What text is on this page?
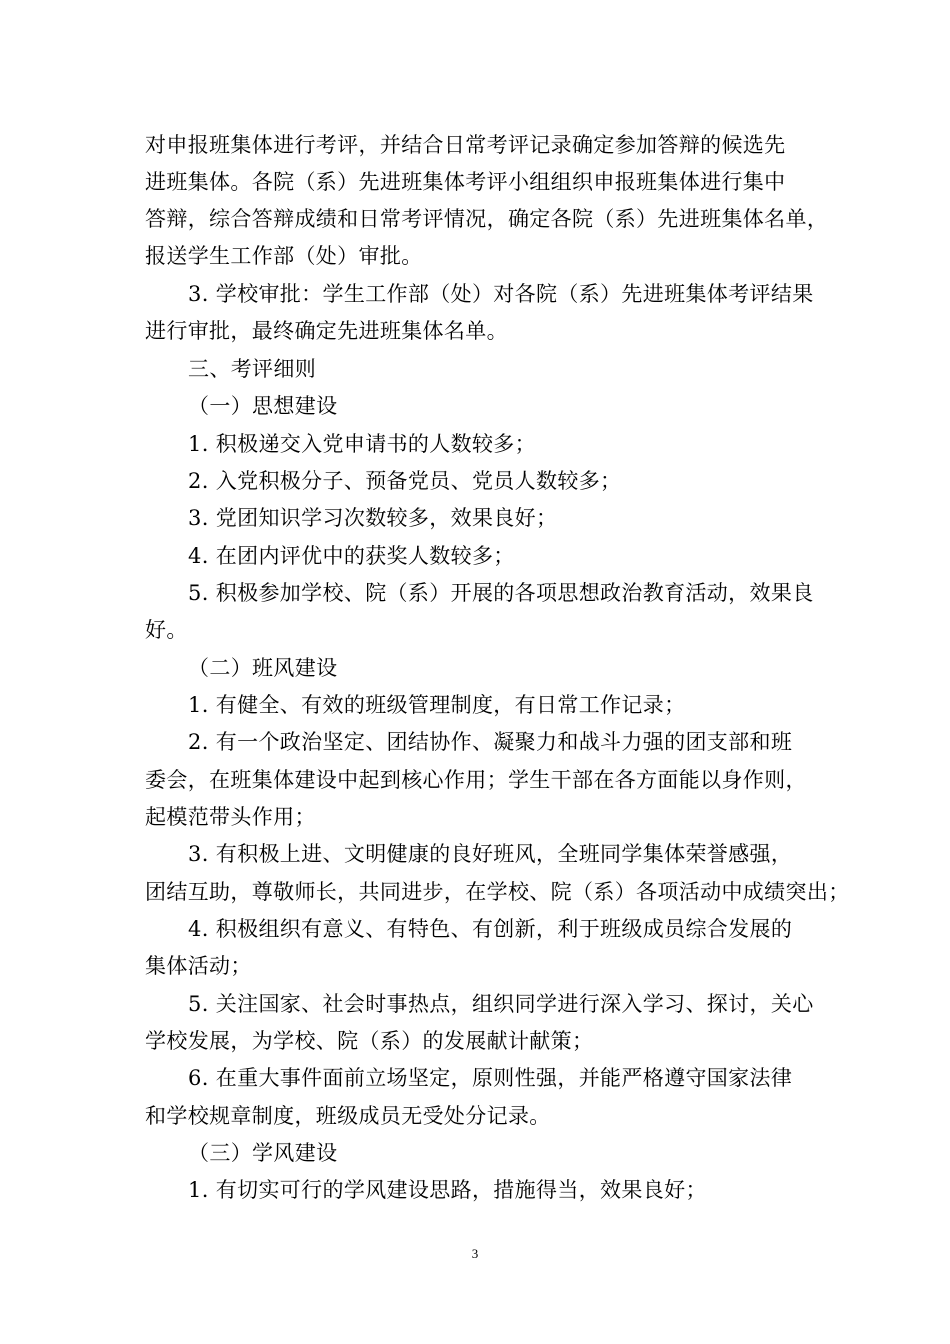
对申报班集体进行考评，并结合日常考评记录确定参加答辩的候选先
进班集体。各院（系）先进班集体考评小组组织申报班集体进行集中
答辩，综合答辩成绩和日常考评情况，确定各院（系）先进班集体名单，
报送学生工作部（处）审批。
3. 学校审批：学生工作部（处）对各院（系）先进班集体考评结果
进行审批，最终确定先进班集体名单。
三、考评细则
（一）思想建设
1. 积极递交入党申请书的人数较多；
2. 入党积极分子、预备党员、党员人数较多；
3. 党团知识学习次数较多，效果良好；
4. 在团内评优中的获奖人数较多；
5. 积极参加学校、院（系）开展的各项思想政治教育活动，效果良
好。
（二）班风建设
1. 有健全、有效的班级管理制度，有日常工作记录；
2. 有一个政治坚定、团结协作、凝聚力和战斗力强的团支部和班
委会，在班集体建设中起到核心作用；学生干部在各方面能以身作则，
起模范带头作用；
3. 有积极上进、文明健康的良好班风，全班同学集体荣誉感强，
团结互助，尊敬师长，共同进步，在学校、院（系）各项活动中成绩突出；
4. 积极组织有意义、有特色、有创新，利于班级成员综合发展的
集体活动；
5. 关注国家、社会时事热点，组织同学进行深入学习、探讨，关心
学校发展，为学校、院（系）的发展献计献策；
6. 在重大事件面前立场坚定，原则性强，并能严格遵守国家法律
和学校规章制度，班级成员无受处分记录。
（三）学风建设
1. 有切实可行的学风建设思路，措施得当，效果良好；
3
